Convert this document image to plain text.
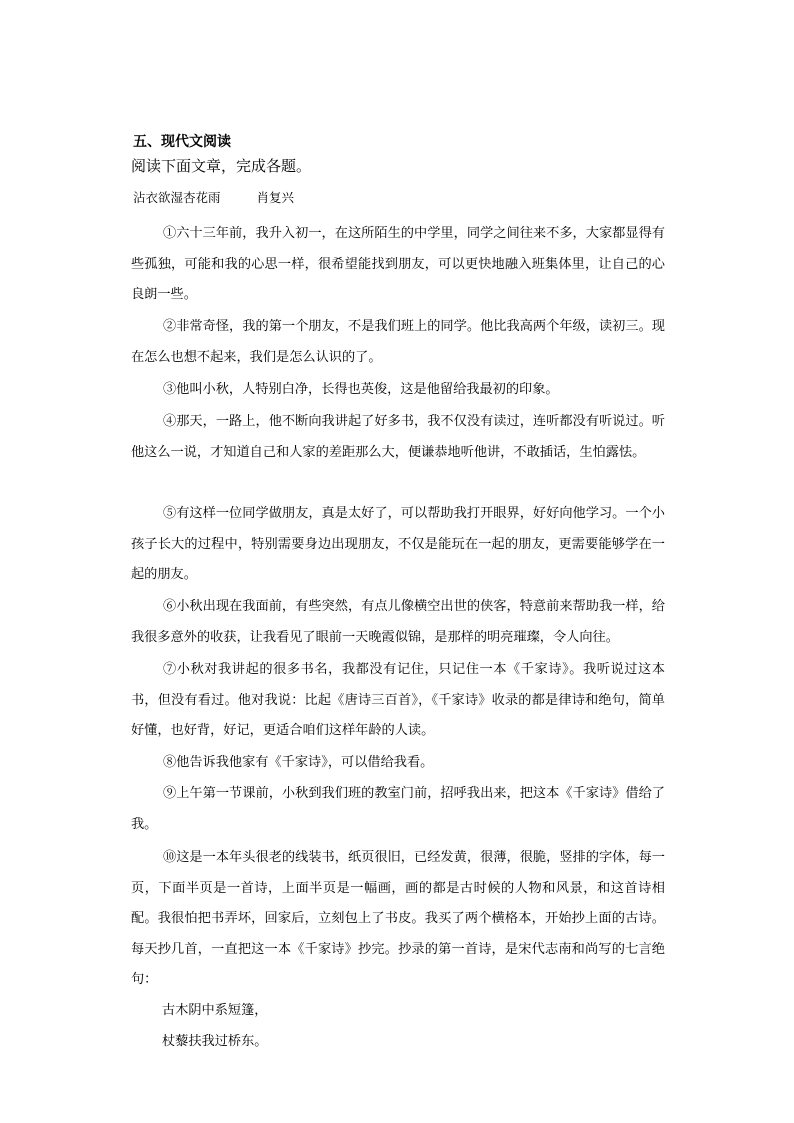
五、现代文阅读
阅读下面文章，完成各题。
沾衣欲湿杏花雨	肖复兴

①六十三年前，我升入初一，在这所陌生的中学里，同学之间往来不多，大家都显得有些孤独，可能和我的心思一样，很希望能找到朋友，可以更快地融入班集体里，让自己的心良朗一些。

②非常奇怪，我的第一个朋友，不是我们班上的同学。他比我高两个年级，读初三。现在怎么也想不起来，我们是怎么认识的了。

③他叫小秋，人特别白净，长得也英俊，这是他留给我最初的印象。

④那天，一路上，他不断向我讲起了好多书，我不仅没有读过，连听都没有听说过。听他这么一说，才知道自己和人家的差距那么大，便谦恭地听他讲，不敢插话，生怕露怯。

⑤有这样一位同学做朋友，真是太好了，可以帮助我打开眼界，好好向他学习。一个小孩子长大的过程中，特别需要身边出现朋友，不仅是能玩在一起的朋友，更需要能够学在一起的朋友。

⑥小秋出现在我面前，有些突然，有点儿像横空出世的侠客，特意前来帮助我一样，给我很多意外的收获，让我看见了眼前一天晚霞似锦，是那样的明亮璀璨，令人向往。

⑦小秋对我讲起的很多书名，我都没有记住，只记住一本《千家诗》。我听说过这本书，但没有看过。他对我说：比起《唐诗三百首》，《千家诗》收录的都是律诗和绝句，简单好懂，也好背，好记，更适合咱们这样年龄的人读。

⑧他告诉我他家有《千家诗》，可以借给我看。

⑨上午第一节课前，小秋到我们班的教室门前，招呼我出来，把这本《千家诗》借给了我。

⑩这是一本年头很老的线装书，纸页很旧，已经发黄，很薄，很脆，竖排的字体，每一页，下面半页是一首诗，上面半页是一幅画，画的都是古时候的人物和风景，和这首诗相配。我很怕把书弄坏，回家后，立刻包上了书皮。我买了两个横格本，开始抄上面的古诗。每天抄几首，一直把这一本《千家诗》抄完。抄录的第一首诗，是宋代志南和尚写的七言绝句：

古木阴中系短篷，
杖藜扶我过桥东。
